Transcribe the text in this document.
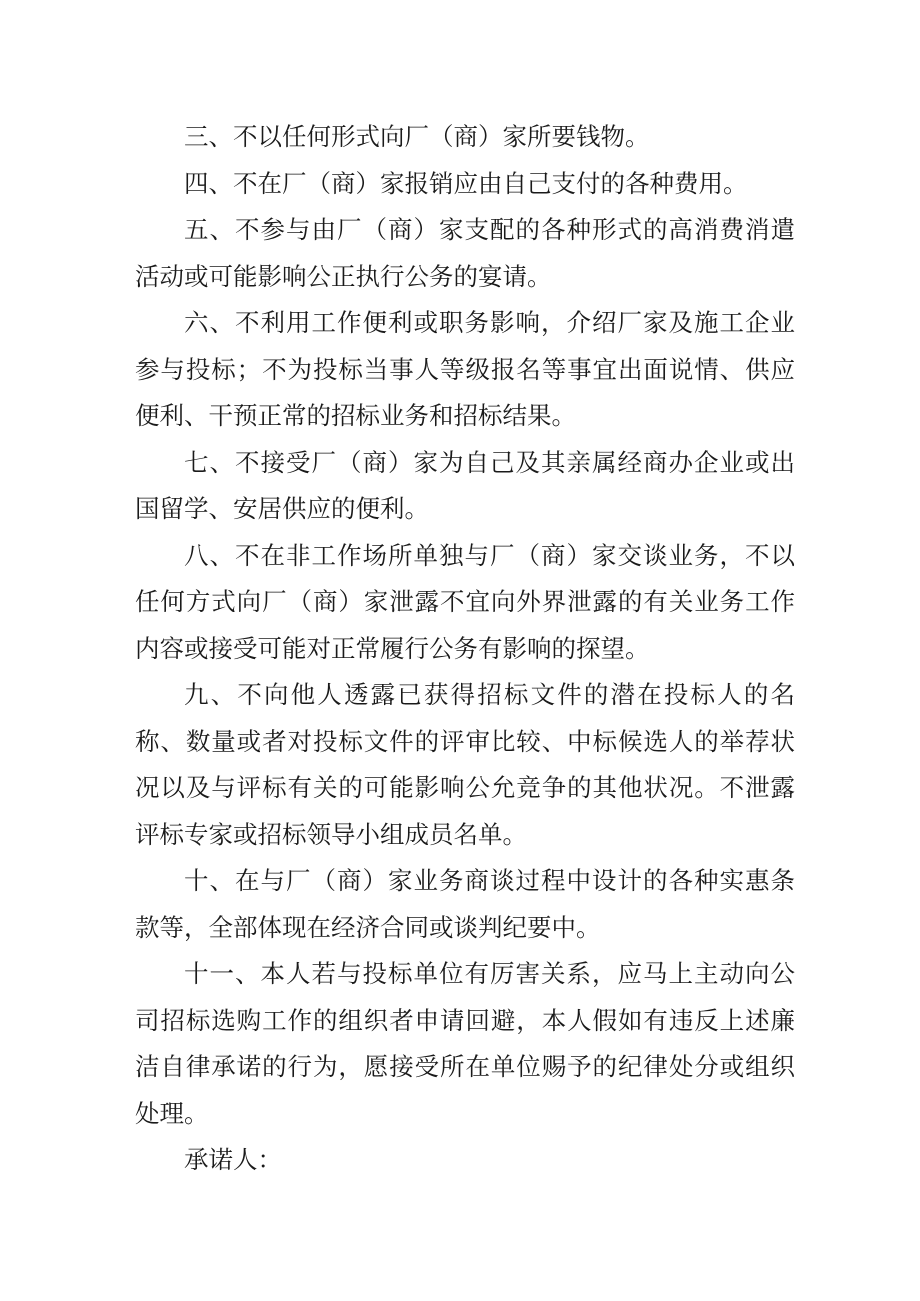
三、不以任何形式向厂（商）家所要钱物。

四、不在厂（商）家报销应由自己支付的各种费用。

五、不参与由厂（商）家支配的各种形式的高消费消遣活动或可能影响公正执行公务的宴请。

六、不利用工作便利或职务影响，介绍厂家及施工企业参与投标；不为投标当事人等级报名等事宜出面说情、供应便利、干预正常的招标业务和招标结果。

七、不接受厂（商）家为自己及其亲属经商办企业或出国留学、安居供应的便利。

八、不在非工作场所单独与厂（商）家交谈业务，不以任何方式向厂（商）家泄露不宜向外界泄露的有关业务工作内容或接受可能对正常履行公务有影响的探望。

九、不向他人透露已获得招标文件的潜在投标人的名称、数量或者对投标文件的评审比较、中标候选人的举荐状况以及与评标有关的可能影响公允竞争的其他状况。不泄露评标专家或招标领导小组成员名单。

十、在与厂（商）家业务商谈过程中设计的各种实惠条款等，全部体现在经济合同或谈判纪要中。

十一、本人若与投标单位有厉害关系，应马上主动向公司招标选购工作的组织者申请回避，本人假如有违反上述廉洁自律承诺的行为，愿接受所在单位赐予的纪律处分或组织处理。

承诺人：
